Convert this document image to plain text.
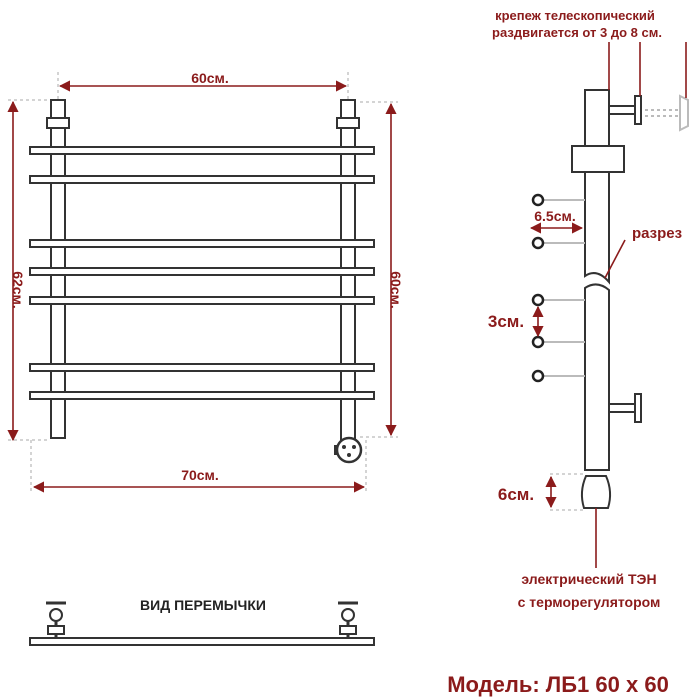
60см.
62см.	60см.
70см.
крепеж телескопический
раздвигается от 3 до 8 см.
6.5см.
разрез
3см.
6см.
электрический ТЭН
с терморегулятором
ВИД ПЕРЕМЫЧКИ
Модель: ЛБ1 60 х 60
